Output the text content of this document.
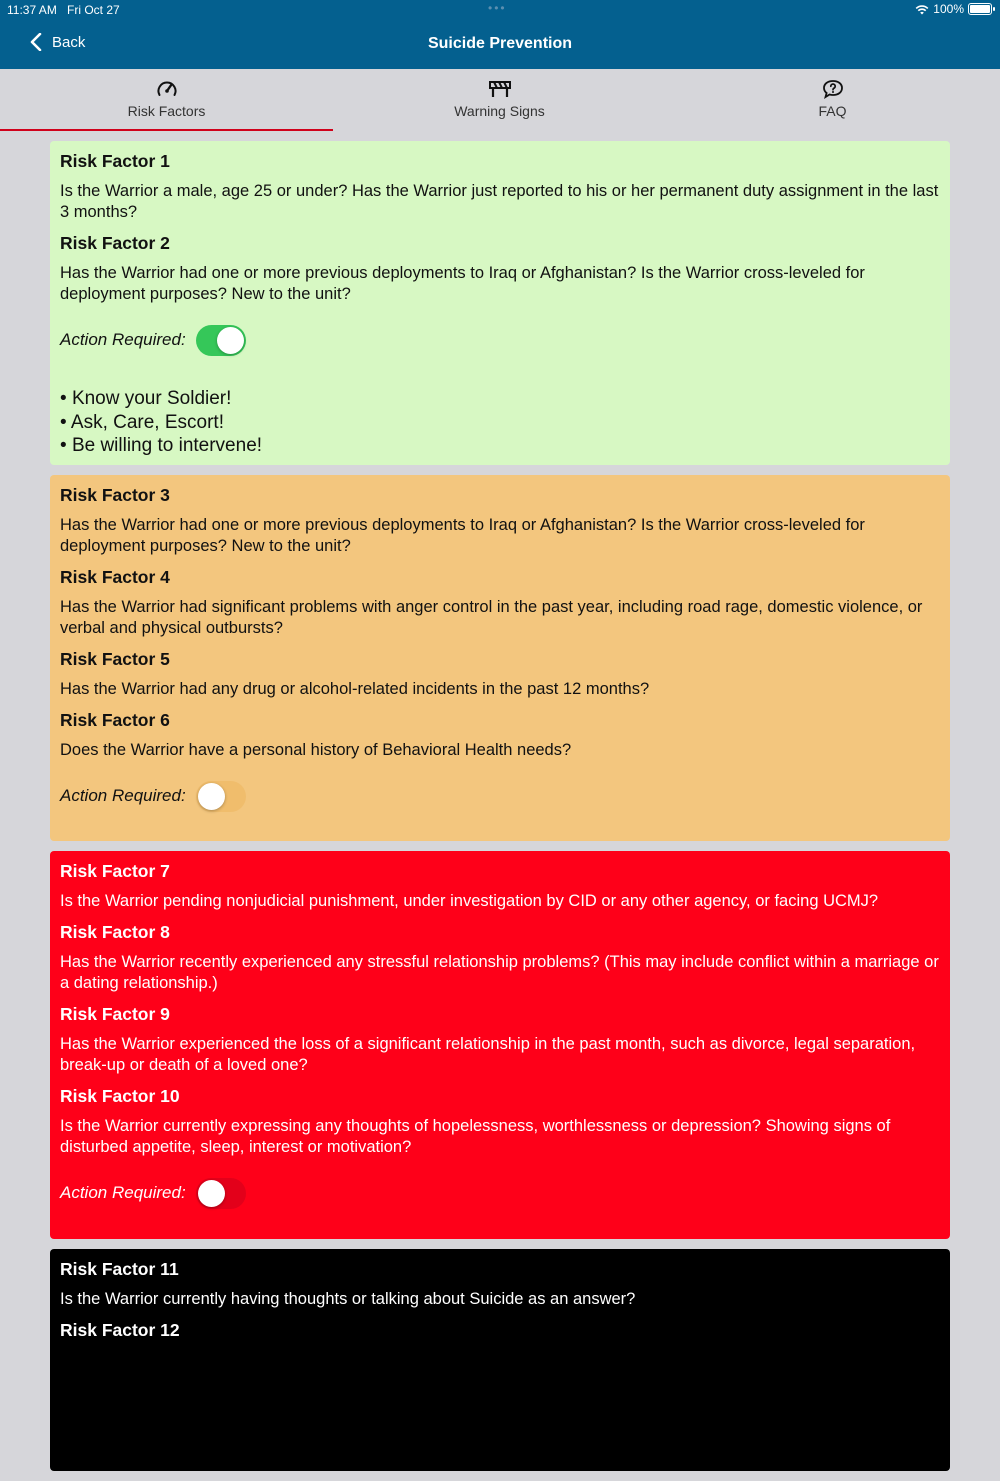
11:37 AM Fri Oct 27	•••	100%
Back	Suicide Prevention
Risk Factors	Warning Signs	FAQ

Risk Factor 1

Is the Warrior a male, age 25 or under? Has the Warrior just reported to his or her permanent duty assignment in the last 3 months?

Risk Factor 2

Has the Warrior had one or more previous deployments to Iraq or Afghanistan? Is the Warrior cross-leveled for deployment purposes? New to the unit?

Action Required:
• Know your Soldier!
• Ask, Care, Escort!
• Be willing to intervene!

Risk Factor 3

Has the Warrior had one or more previous deployments to Iraq or Afghanistan? Is the Warrior cross-leveled for deployment purposes? New to the unit?

Risk Factor 4

Has the Warrior had significant problems with anger control in the past year, including road rage, domestic violence, or verbal and physical outbursts?

Risk Factor 5

Has the Warrior had any drug or alcohol-related incidents in the past 12 months?

Risk Factor 6

Does the Warrior have a personal history of Behavioral Health needs?

Action Required:

Risk Factor 7

Is the Warrior pending nonjudicial punishment, under investigation by CID or any other agency, or facing UCMJ?

Risk Factor 8

Has the Warrior recently experienced any stressful relationship problems? (This may include conflict within a marriage or a dating relationship.)

Risk Factor 9

Has the Warrior experienced the loss of a significant relationship in the past month, such as divorce, legal separation, break-up or death of a loved one?

Risk Factor 10

Is the Warrior currently expressing any thoughts of hopelessness, worthlessness or depression? Showing signs of disturbed appetite, sleep, interest or motivation?

Action Required:

Risk Factor 11

Is the Warrior currently having thoughts or talking about Suicide as an answer?

Risk Factor 12
